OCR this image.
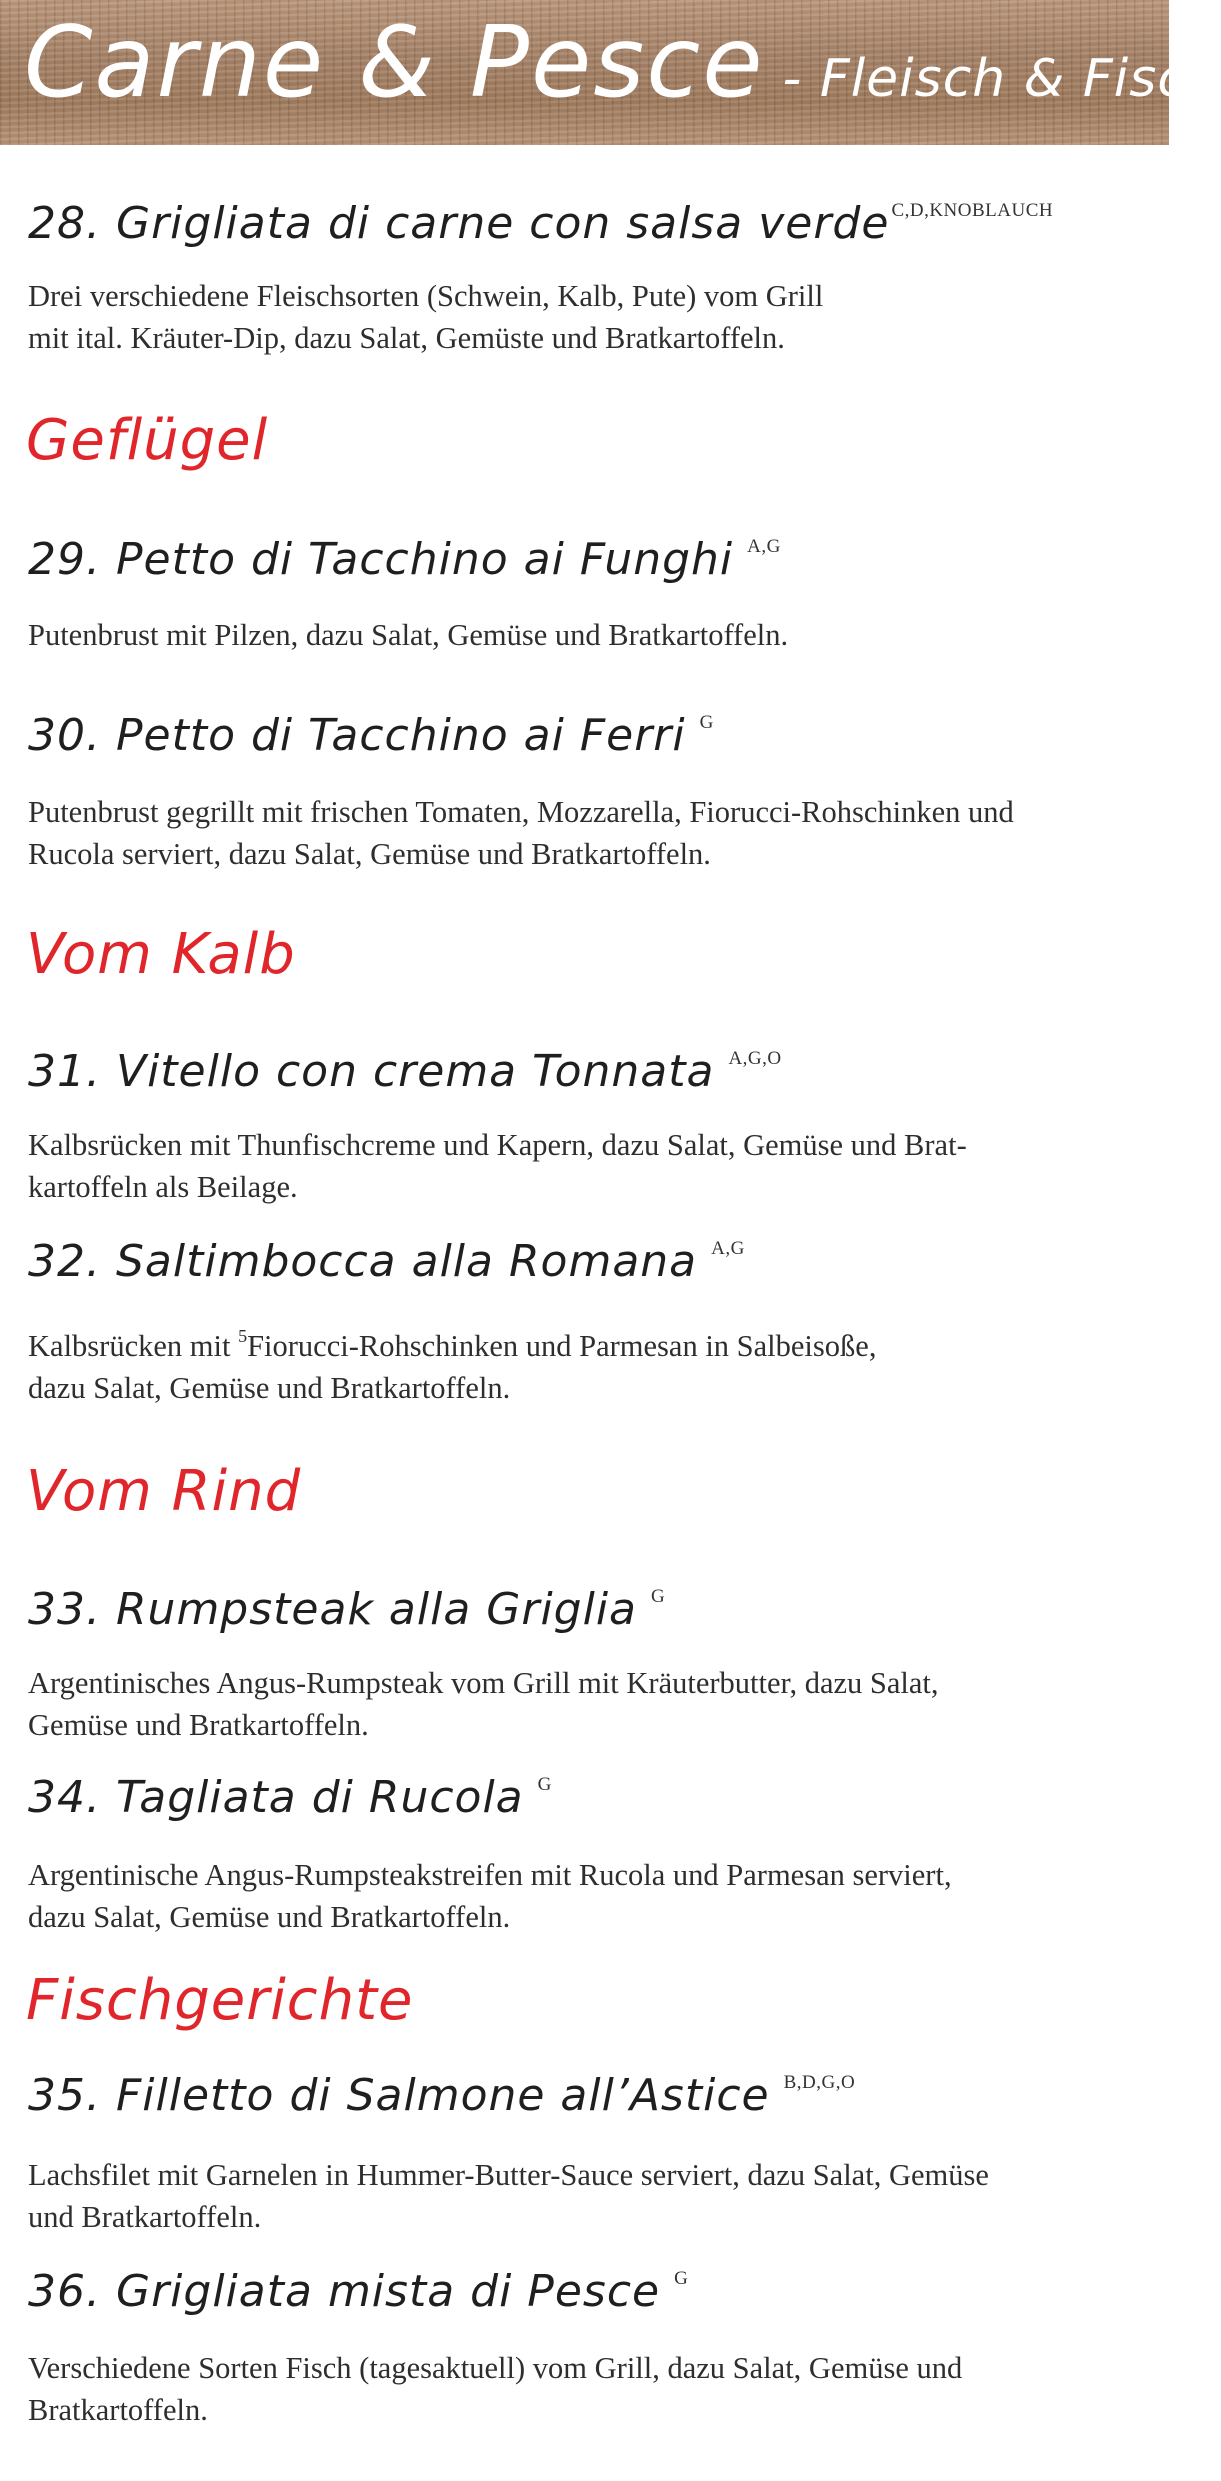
Carne & Pesce - Fleisch & Fisch
28. Grigliata di carne con salsa verde $^{C,D,KNOBLAUCH}$
Drei verschiedene Fleischsorten (Schwein, Kalb, Pute) vom Grill
mit ital. Kräuter-Dip, dazu Salat, Gemüste und Bratkartoffeln.
Geflügel
29. Petto di Tacchino ai Funghi $^{A,G}$
Putenbrust mit Pilzen, dazu Salat, Gemüse und Bratkartoffeln.
30. Petto di Tacchino ai Ferri $^G$
Putenbrust gegrillt mit frischen Tomaten, Mozzarella, Fiorucci-Rohschinken und
Rucola serviert, dazu Salat, Gemüse und Bratkartoffeln.
Vom Kalb
31. Vitello con crema Tonnata $^{A,G,O}$
Kalbsrücken mit Thunfischcreme und Kapern, dazu Salat, Gemüse und Brat-
kartoffeln als Beilage.
32. Saltimbocca alla Romana $^{A,G}$
Kalbsrücken mit $^5$Fiorucci-Rohschinken und Parmesan in Salbeisoße,
dazu Salat, Gemüse und Bratkartoffeln.
Vom Rind
33. Rumpsteak alla Griglia $^G$
Argentinisches Angus-Rumpsteak vom Grill mit Kräuterbutter, dazu Salat,
Gemüse und Bratkartoffeln.
34. Tagliata di Rucola $^G$
Argentinische Angus-Rumpsteakstreifen mit Rucola und Parmesan serviert,
dazu Salat, Gemüse und Bratkartoffeln.
Fischgerichte
35. Filletto di Salmone all’Astice $^{B,D,G,O}$
Lachsfilet mit Garnelen in Hummer-Butter-Sauce serviert, dazu Salat, Gemüse
und Bratkartoffeln.
36. Grigliata mista di Pesce $^G$
Verschiedene Sorten Fisch (tagesaktuell) vom Grill, dazu Salat, Gemüse und
Bratkartoffeln.
